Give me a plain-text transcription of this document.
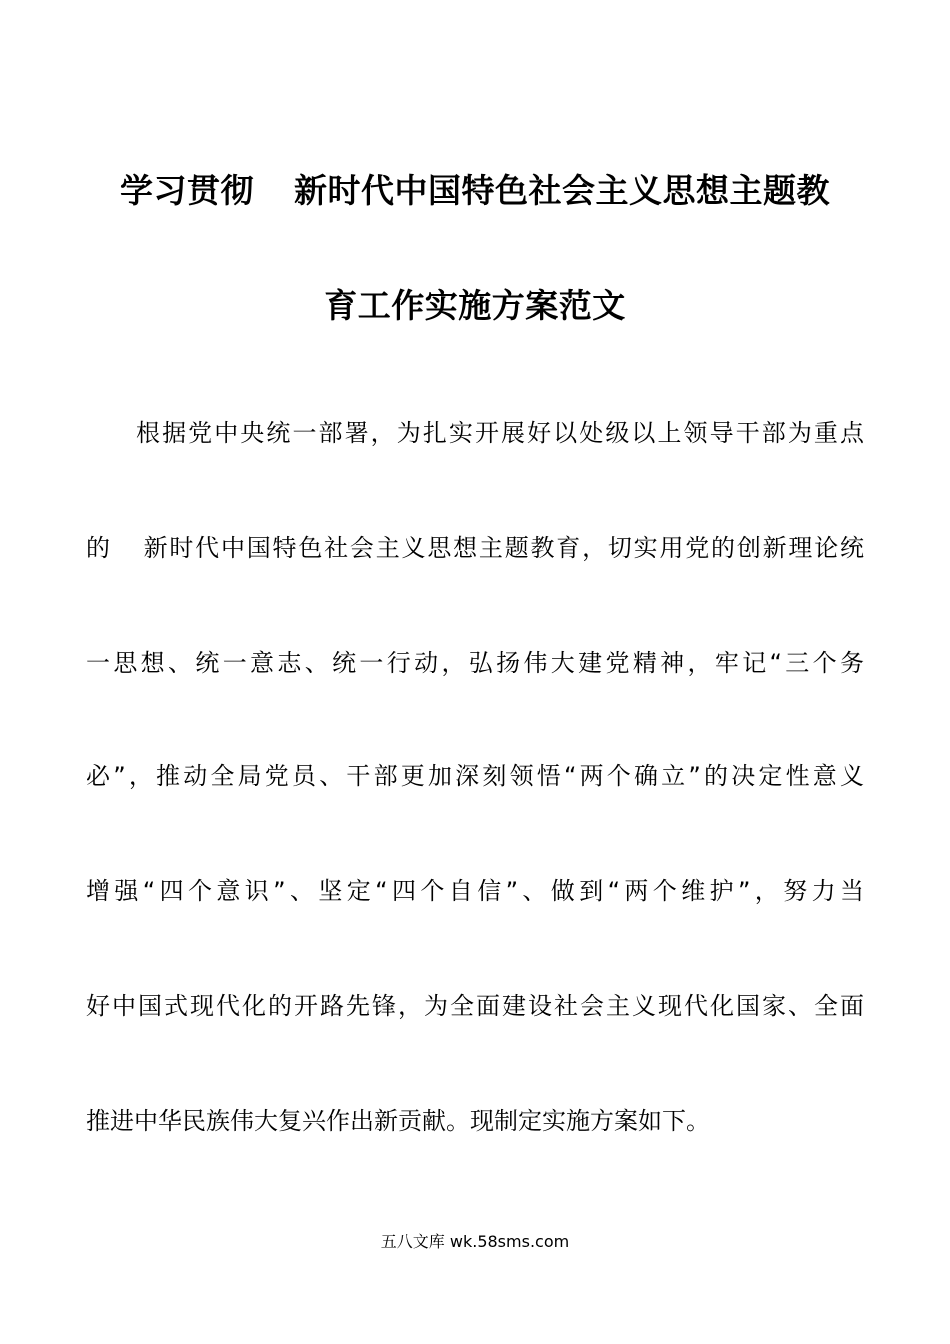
学习贯彻 新时代中国特色社会主义思想主题教
育工作实施方案范文
根据党中央统一部署，为扎实开展好以处级以上领导干部为重点
的 新时代中国特色社会主义思想主题教育，切实用党的创新理论统
一思想、统一意志、统一行动，弘扬伟大建党精神，牢记“三个务
必”，推动全局党员、干部更加深刻领悟“两个确立”的决定性意义
增强“四个意识”、坚定“四个自信”、做到“两个维护”，努力当
好中国式现代化的开路先锋，为全面建设社会主义现代化国家、全面
推进中华民族伟大复兴作出新贡献。现制定实施方案如下。
五八文库 wk.58sms.com
